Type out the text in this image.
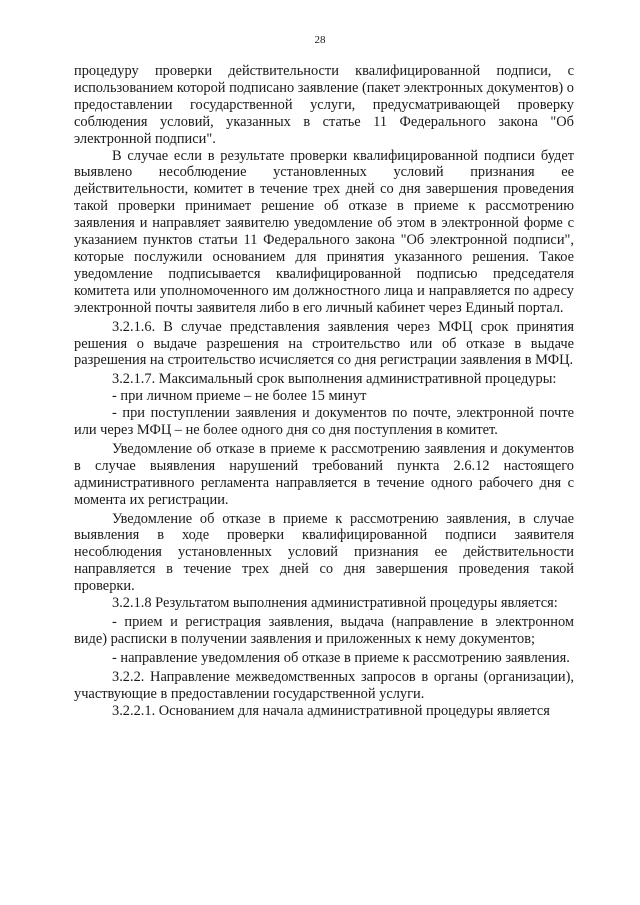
28

процедуру проверки действительности квалифицированной подписи, с использованием которой подписано заявление (пакет электронных документов) о предоставлении государственной услуги, предусматривающей проверку соблюдения условий, указанных в статье 11 Федерального закона "Об электронной подписи".

В случае если в результате проверки квалифицированной подписи будет выявлено несоблюдение установленных условий признания ее действительности, комитет в течение трех дней со дня завершения проведения такой проверки принимает решение об отказе в приеме к рассмотрению заявления и направляет заявителю уведомление об этом в электронной форме с указанием пунктов статьи 11 Федерального закона "Об электронной подписи", которые послужили основанием для принятия указанного решения. Такое уведомление подписывается квалифицированной подписью председателя комитета или уполномоченного им должностного лица и направляется по адресу электронной почты заявителя либо в его личный кабинет через Единый портал.

3.2.1.6. В случае представления заявления через МФЦ срок принятия решения о выдаче разрешения на строительство или об отказе в выдаче разрешения на строительство исчисляется со дня регистрации заявления в МФЦ.

3.2.1.7. Максимальный срок выполнения административной процедуры:

- при личном приеме – не более 15 минут

- при поступлении заявления и документов по почте, электронной почте или через МФЦ – не более одного дня со дня поступления в комитет.

Уведомление об отказе в приеме к рассмотрению заявления и документов в случае выявления нарушений требований пункта 2.6.12 настоящего административного регламента направляется в течение одного рабочего дня с момента их регистрации.

Уведомление об отказе в приеме к рассмотрению заявления, в случае выявления в ходе проверки квалифицированной подписи заявителя несоблюдения установленных условий признания ее действительности направляется в течение трех дней со дня завершения проведения такой проверки.

3.2.1.8 Результатом выполнения административной процедуры является:

- прием и регистрация заявления, выдача (направление в электронном виде) расписки в получении заявления и приложенных к нему документов;

- направление уведомления об отказе в приеме к рассмотрению заявления.

3.2.2. Направление межведомственных запросов в органы (организации), участвующие в предоставлении государственной услуги.

3.2.2.1. Основанием для начала административной процедуры является
